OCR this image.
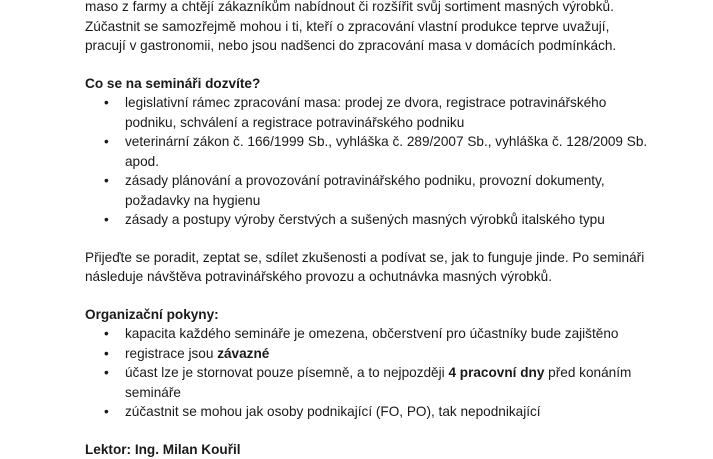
maso z farmy a chtějí zákazníkům nabídnout či rozšířit svůj sortiment masných výrobků.
Zúčastnit se samozřejmě mohou i ti, kteří o zpracování vlastní produkce teprve uvažují,
pracují v gastronomii, nebo jsou nadšenci do zpracování masa v domácích podmínkách.
Co se na semináři dozvíte?
• legislativní rámec zpracování masa: prodej ze dvora, registrace potravinářského
podniku, schválení a registrace potravinářského podniku
• veterinární zákon č. 166/1999 Sb., vyhláška č. 289/2007 Sb., vyhláška č. 128/2009 Sb.
apod.
• zásady plánování a provozování potravinářského podniku, provozní dokumenty,
požadavky na hygienu
• zásady a postupy výroby čerstvých a sušených masných výrobků italského typu
Přijeďte se poradit, zeptat se, sdílet zkušenosti a podívat se, jak to funguje jinde. Po semináři
následuje návštěva potravinářského provozu a ochutnávka masných výrobků.
Organizační pokyny:
• kapacita každého semináře je omezena, občerstvení pro účastníky bude zajištěno
• registrace jsou závazné
• účast lze je stornovat pouze písemně, a to nejpozději 4 pracovní dny před konáním
semináře
• zúčastnit se mohou jak osoby podnikající (FO, PO), tak nepodnikající
Lektor: Ing. Milan Kouřil
